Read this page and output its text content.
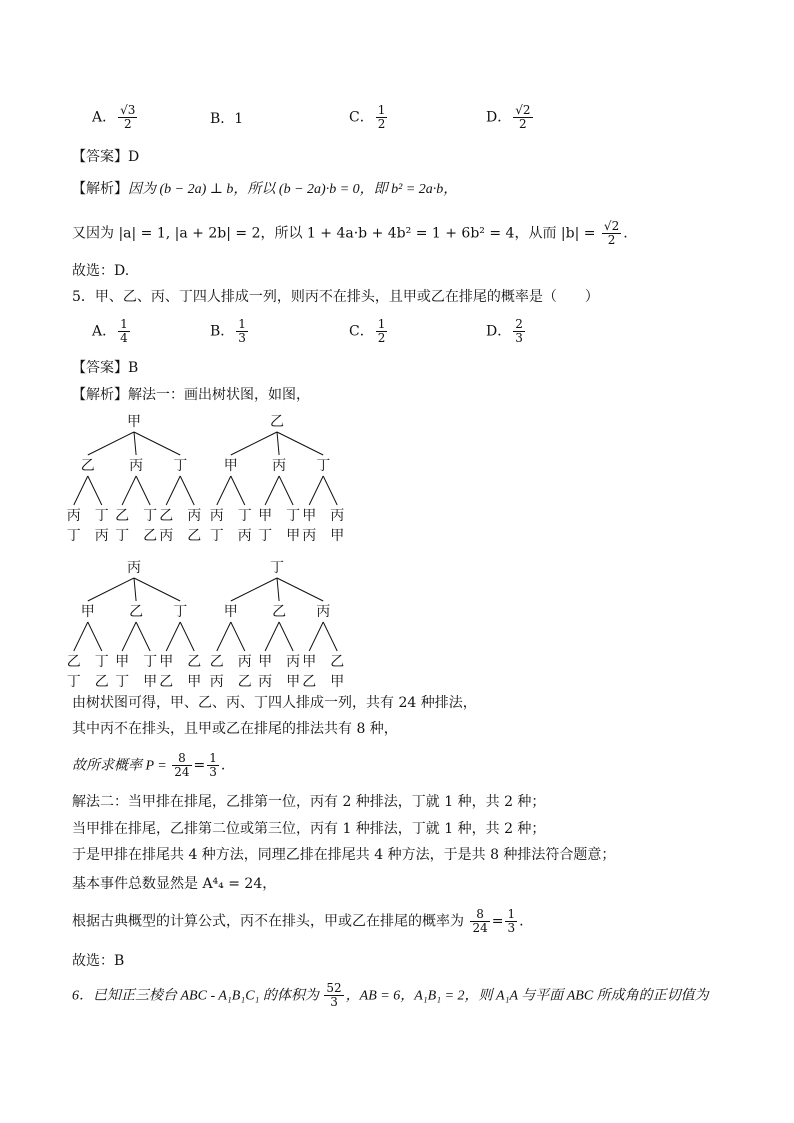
A． $\frac{√3}{2}$	B．1	C． $\frac{1}{2}$	D． $\frac{√2}{2}$
【答案】D
【解析】因为 (b − 2a) ⊥ b，所以 (b − 2a)·b = 0，即 b² = 2a·b，
又因为 |a| = 1, |a + 2b| = 2，所以 1 + 4a·b + 4b² = 1 + 6b² = 4，从而 $|b| = \frac{√2}{2}$ .
故选：D.
5．甲、乙、丙、丁四人排成一列，则丙不在排头，且甲或乙在排尾的概率是（　　）
A． $\frac{1}{4}$	B． $\frac{1}{3}$	C． $\frac{1}{2}$	D． $\frac{2}{3}$
【答案】B
【解析】解法一：画出树状图，如图，
甲
乙
丙
丁
丁
丙
丙
乙
丁
丁
乙
丁
乙
丙
丙
乙
乙
甲
丙
丁
丁
丙
丙
甲
丁
丁
甲
丁
甲
丙
丙
甲
丙
甲
乙
丁
丁
乙
乙
甲
丁
丁
甲
丁
甲
乙
乙
甲
丁
甲
乙
丙
丙
乙
乙
甲
丙
丙
甲
丙
甲
乙
乙
甲
由树状图可得，甲、乙、丙、丁四人排成一列，共有 24 种排法，
其中丙不在排头，且甲或乙在排尾的排法共有 8 种，
故所求概率 $P = \frac{8}{24} = \frac{1}{3}$ .
解法二：当甲排在排尾，乙排第一位，丙有 2 种排法，丁就 1 种，共 2 种；
当甲排在排尾，乙排第二位或第三位，丙有 1 种排法，丁就 1 种，共 2 种；
于是甲排在排尾共 4 种方法，同理乙排在排尾共 4 种方法，于是共 8 种排法符合题意；
基本事件总数显然是 A⁴₄ = 24，
根据古典概型的计算公式，丙不在排头，甲或乙在排尾的概率为 $\frac{8}{24} = \frac{1}{3}$ .
故选：B
6．已知正三棱台 ABC - A₁B₁C₁ 的体积为 $\frac{52}{3}$ ，AB = 6，A₁B₁ = 2，则 A₁A 与平面 ABC 所成角的正切值为
